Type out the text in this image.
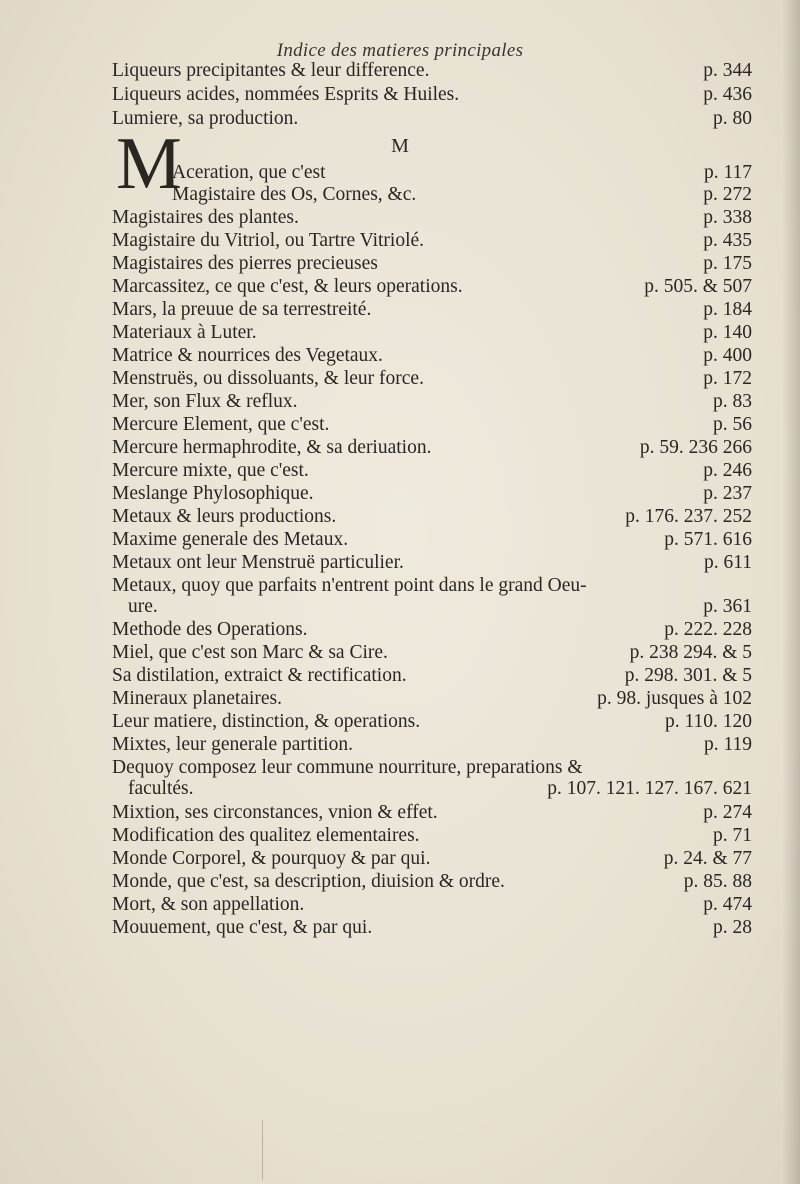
Indice des matieres principales
M
M
Liqueurs precipitantes & leur difference.	p. 344
Liqueurs acides, nommées Esprits & Huiles.	p. 436
Lumiere, sa production.	p. 80
Aceration, que c'est	p. 117
Magistaire des Os, Cornes, &c.	p. 272
Magistaires des plantes.	p. 338
Magistaire du Vitriol, ou Tartre Vitriolé.	p. 435
Magistaires des pierres precieuses	p. 175
Marcassitez, ce que c'est, & leurs operations.	p. 505. & 507
Mars, la preuue de sa terrestreité.	p. 184
Materiaux à Luter.	p. 140
Matrice & nourrices des Vegetaux.	p. 400
Menstruës, ou dissoluants, & leur force.	p. 172
Mer, son Flux & reflux.	p. 83
Mercure Element, que c'est.	p. 56
Mercure hermaphrodite, & sa deriuation.	p. 59. 236 266
Mercure mixte, que c'est.	p. 246
Meslange Phylosophique.	p. 237
Metaux & leurs productions.	p. 176. 237. 252
Maxime generale des Metaux.	p. 571. 616
Metaux ont leur Menstruë particulier.	p. 611
Metaux, quoy que parfaits n'entrent point dans le grand Oeu-
ure.	p. 361
Methode des Operations.	p. 222. 228
Miel, que c'est son Marc & sa Cire.	p. 238 294. & 5
Sa distilation, extraict & rectification.	p. 298. 301. & 5
Mineraux planetaires.	p. 98. jusques à 102
Leur matiere, distinction, & operations.	p. 110. 120
Mixtes, leur generale partition.	p. 119
Dequoy composez leur commune nourriture, preparations &
facultés.	p. 107. 121. 127. 167. 621
Mixtion, ses circonstances, vnion & effet.	p. 274
Modification des qualitez elementaires.	p. 71
Monde Corporel, & pourquoy & par qui.	p. 24. & 77
Monde, que c'est, sa description, diuision & ordre.	p. 85. 88
Mort, & son appellation.	p. 474
Mouuement, que c'est, & par qui.	p. 28
